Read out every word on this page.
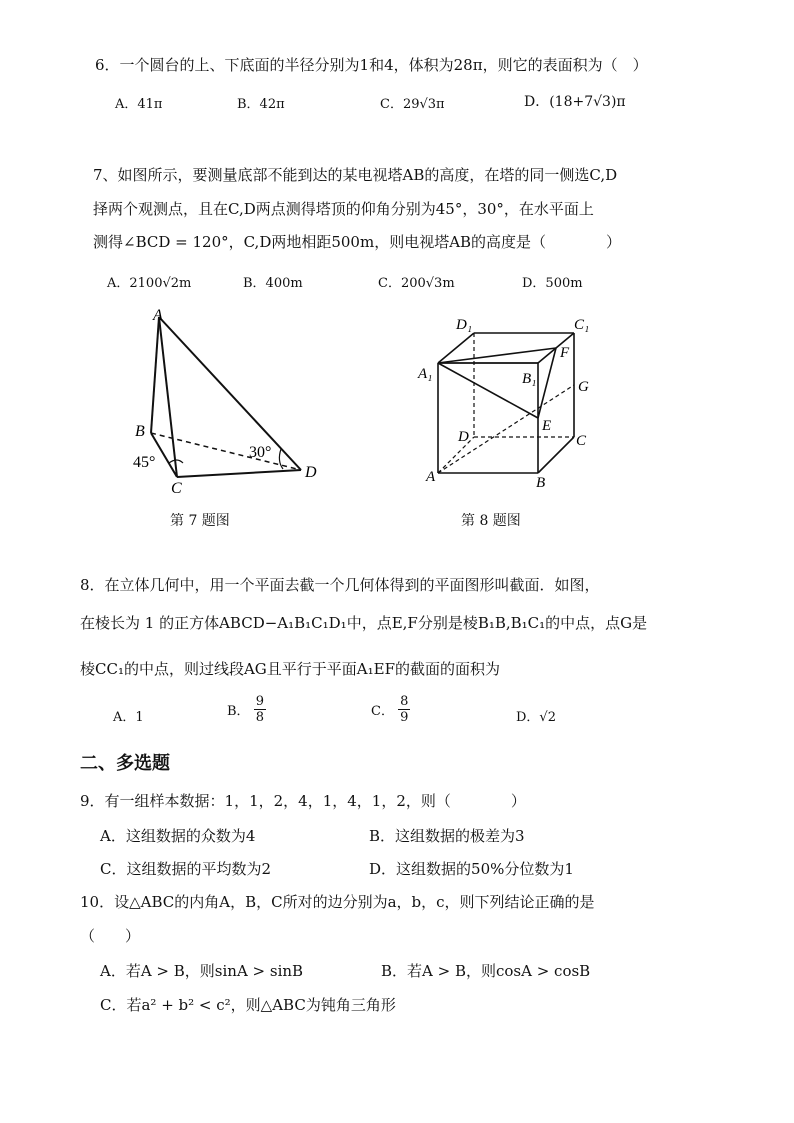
6．一个圆台的上、下底面的半径分别为1和4，体积为28π，则它的表面积为（　）
A．41π	B．42π	C．29√3π	D．(18+7√3)π
7、如图所示，要测量底部不能到达的某电视塔AB的高度，在塔的同一侧选C,D
择两个观测点，且在C,D两点测得塔顶的仰角分别为45°，30°，在水平面上
测得∠BCD = 120°，C,D两地相距500m，则电视塔AB的高度是（　　　　）
A．2100√2m	B．400m	C．200√3m	D．500m
A
B
C
D
45°
30°
第 7 题图
D₁	C₁
A₁	B₁
F
G
E
D	C
A	B
第 8 题图
8．在立体几何中，用一个平面去截一个几何体得到的平面图形叫截面．如图，
在棱长为 1 的正方体ABCD−A₁B₁C₁D₁中，点E,F分别是棱B₁B,B₁C₁的中点，点G是
棱CC₁的中点，则过线段AG且平行于平面A₁EF的截面的面积为
A．1	B． $\frac{9}{8}$	C． $\frac{8}{9}$	D．√2
二、多选题
9．有一组样本数据：1，1，2，4，1，4，1，2，则（　　　　）
A．这组数据的众数为4	B．这组数据的极差为3
C．这组数据的平均数为2	D．这组数据的50%分位数为1
10．设△ABC的内角A，B，C所对的边分别为a，b，c，则下列结论正确的是
（　　）
A．若A > B，则sinA > sinB	B．若A > B，则cosA > cosB
C．若a² + b² < c²，则△ABC为钝角三角形
